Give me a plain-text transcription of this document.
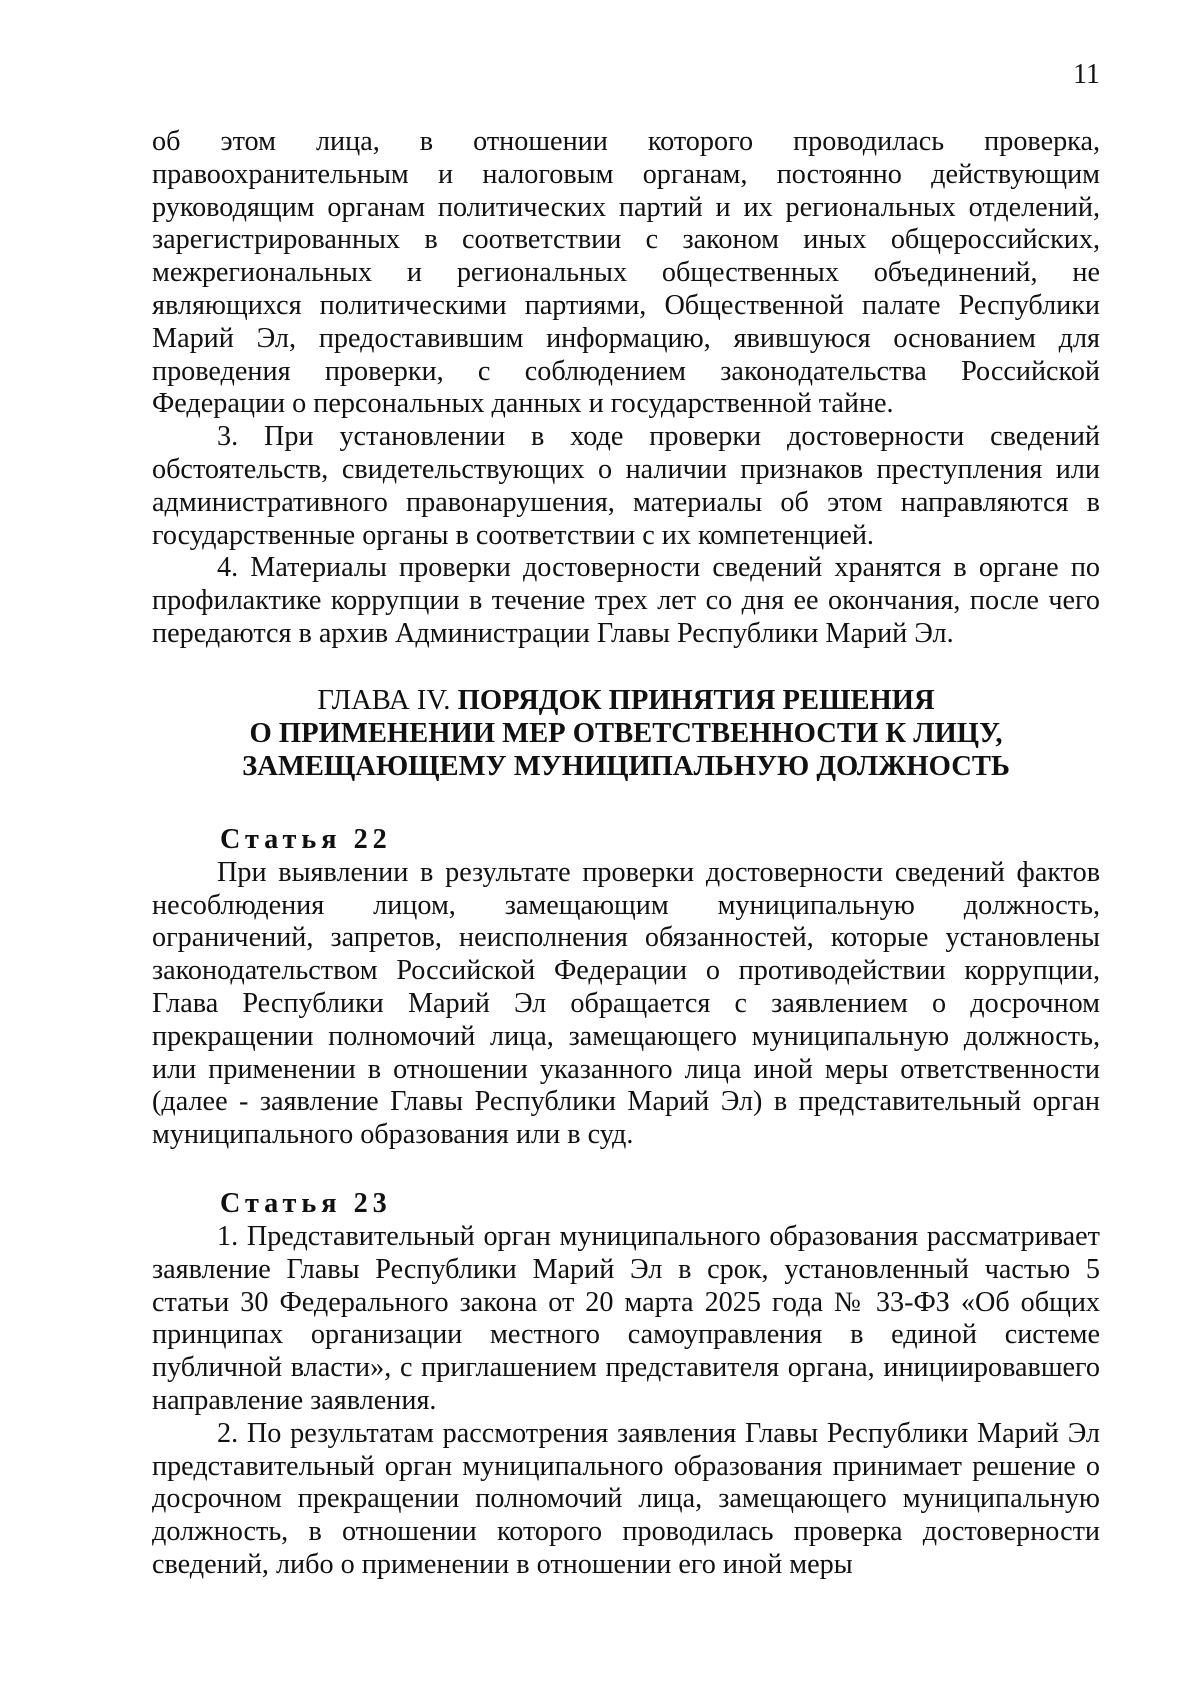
11

об этом лица, в отношении которого проводилась проверка, правоохранительным и налоговым органам, постоянно действующим руководящим органам политических партий и их региональных отделений, зарегистрированных в соответствии с законом иных общероссийских, межрегиональных и региональных общественных объединений, не являющихся политическими партиями, Общественной палате Республики Марий Эл, предоставившим информацию, явившуюся основанием для проведения проверки, с соблюдением законодательства Российской Федерации о персональных данных и государственной тайне.

3. При установлении в ходе проверки достоверности сведений обстоятельств, свидетельствующих о наличии признаков преступления или административного правонарушения, материалы об этом направляются в государственные органы в соответствии с их компетенцией.

4. Материалы проверки достоверности сведений хранятся в органе по профилактике коррупции в течение трех лет со дня ее окончания, после чего передаются в архив Администрации Главы Республики Марий Эл.

ГЛАВА IV. ПОРЯДОК ПРИНЯТИЯ РЕШЕНИЯ
О ПРИМЕНЕНИИ МЕР ОТВЕТСТВЕННОСТИ К ЛИЦУ,
ЗАМЕЩАЮЩЕМУ МУНИЦИПАЛЬНУЮ ДОЛЖНОСТЬ

Статья 22

При выявлении в результате проверки достоверности сведений фактов несоблюдения лицом, замещающим муниципальную должность, ограничений, запретов, неисполнения обязанностей, которые установлены законодательством Российской Федерации о противодействии коррупции, Глава Республики Марий Эл обращается с заявлением о досрочном прекращении полномочий лица, замещающего муниципальную должность, или применении в отношении указанного лица иной меры ответственности (далее - заявление Главы Республики Марий Эл) в представительный орган муниципального образования или в суд.

Статья 23

1. Представительный орган муниципального образования рассматривает заявление Главы Республики Марий Эл в срок, установленный частью 5 статьи 30 Федерального закона от 20 марта 2025 года № 33-ФЗ «Об общих принципах организации местного самоуправления в единой системе публичной власти», с приглашением представителя органа, инициировавшего направление заявления.

2. По результатам рассмотрения заявления Главы Республики Марий Эл представительный орган муниципального образования принимает решение о досрочном прекращении полномочий лица, замещающего муниципальную должность, в отношении которого проводилась проверка достоверности сведений, либо о применении в отношении его иной меры
